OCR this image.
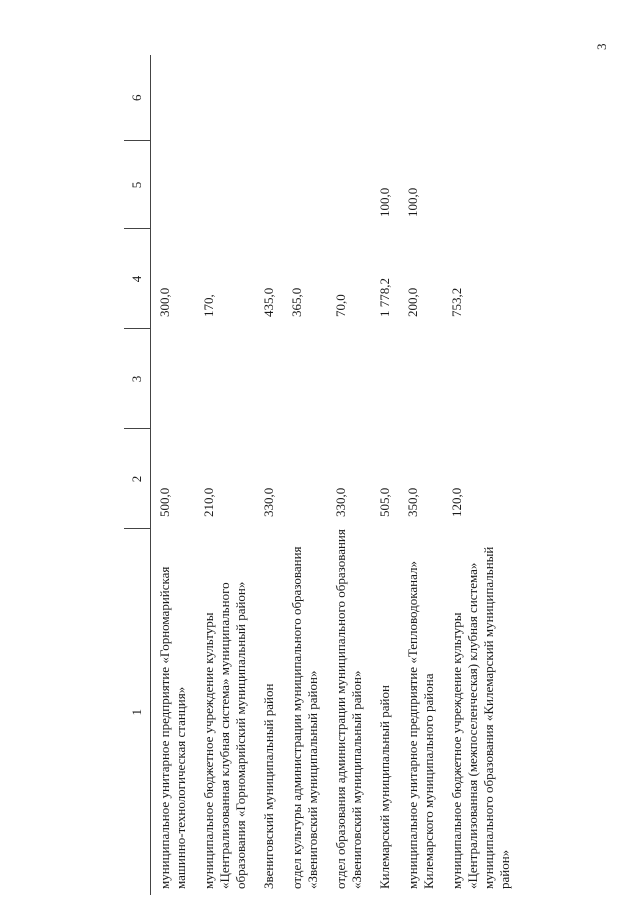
3
1	2	3	4	5	6
муниципальное унитарное предприятие «Горномарийская машинно-технологическая станция»	500,0		300,0		
муниципальное бюджетное учреждение культуры «Централизованная клубная система» муниципального образования «Горномарийский муниципальный район»	210,0		170,		
Звениговский муниципальный район	330,0		435,0		
отдел культуры администрации муниципального образования «Звениговский муниципальный район»			365,0		
отдел образования администрации муниципального образования «Звениговский муниципальный район»	330,0		70,0		
Килемарский муниципальный район	505,0		1 778,2	100,0	
муниципальное унитарное предприятие «Тепловодоканал» Килемарского муниципального района	350,0		200,0	100,0	
муниципальное бюджетное учреждение культуры «Централизованная (межпоселенческая) клубная система» муниципального образования «Килемарский муниципальный район»	120,0		753,2		
